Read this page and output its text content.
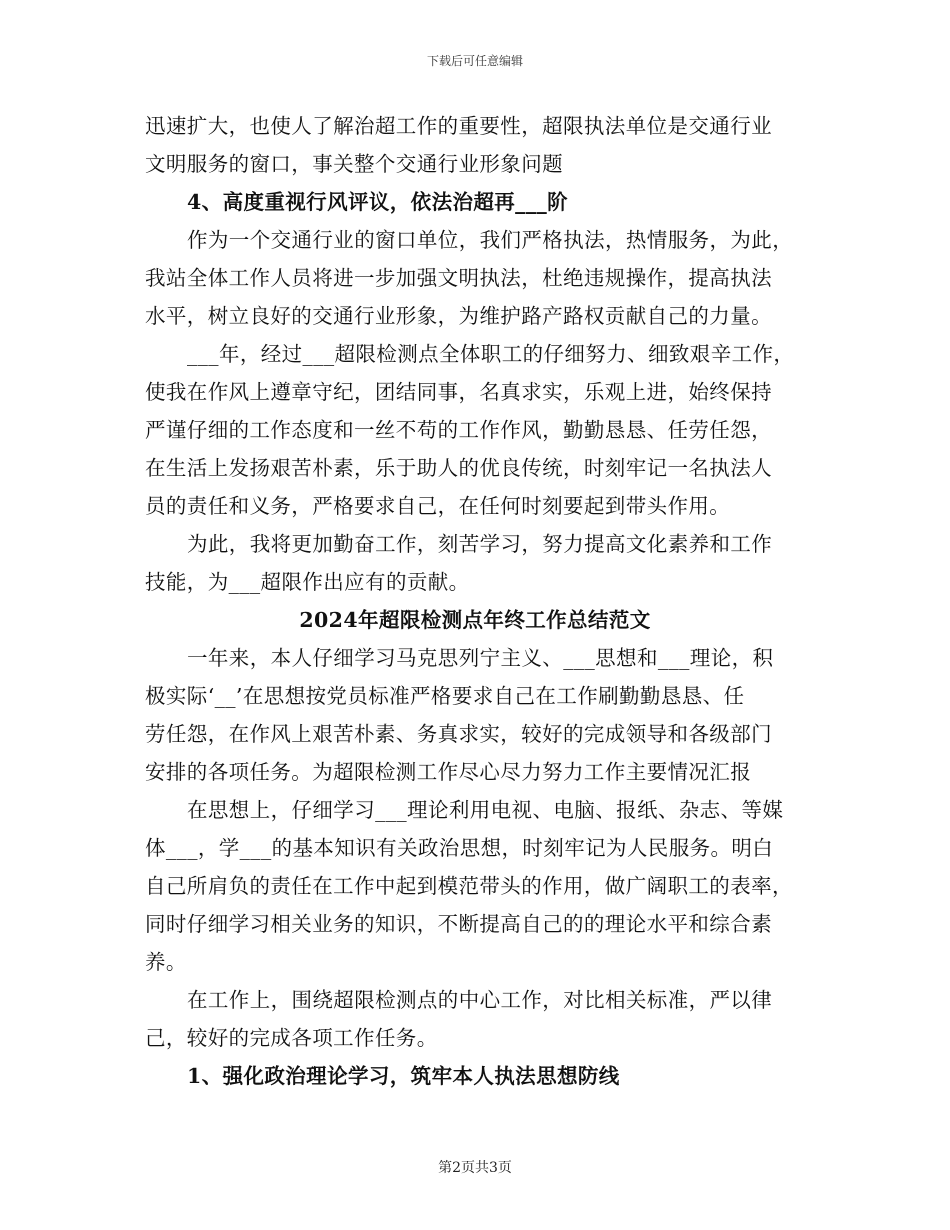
下载后可任意编辑
迅速扩大，也使人了解治超工作的重要性，超限执法单位是交通行业
文明服务的窗口，事关整个交通行业形象问题
4、高度重视行风评议，依法治超再___阶
作为一个交通行业的窗口单位，我们严格执法，热情服务，为此，
我站全体工作人员将进一步加强文明执法，杜绝违规操作，提高执法
水平，树立良好的交通行业形象，为维护路产路权贡献自己的力量。
___年，经过___超限检测点全体职工的仔细努力、细致艰辛工作，
使我在作风上遵章守纪，团结同事，名真求实，乐观上进，始终保持
严谨仔细的工作态度和一丝不苟的工作作风，勤勤恳恳、任劳任怨，
在生活上发扬艰苦朴素，乐于助人的优良传统，时刻牢记一名执法人
员的责任和义务，严格要求自己，在任何时刻要起到带头作用。
为此，我将更加勤奋工作，刻苦学习，努力提高文化素养和工作
技能，为___超限作出应有的贡献。
2024年超限检测点年终工作总结范文
一年来，本人仔细学习马克思列宁主义、___思想和___理论，积
极实际‘__’在思想按党员标准严格要求自己在工作刷勤勤恳恳、任
劳任怨，在作风上艰苦朴素、务真求实，较好的完成领导和各级部门
安排的各项任务。为超限检测工作尽心尽力努力工作主要情况汇报
在思想上，仔细学习___理论利用电视、电脑、报纸、杂志、等媒
体___，学___的基本知识有关政治思想，时刻牢记为人民服务。明白
自己所肩负的责任在工作中起到模范带头的作用，做广阔职工的表率，
同时仔细学习相关业务的知识，不断提高自己的的理论水平和综合素
养。
在工作上，围绕超限检测点的中心工作，对比相关标准，严以律
己，较好的完成各项工作任务。
1、强化政治理论学习，筑牢本人执法思想防线
第2页共3页
